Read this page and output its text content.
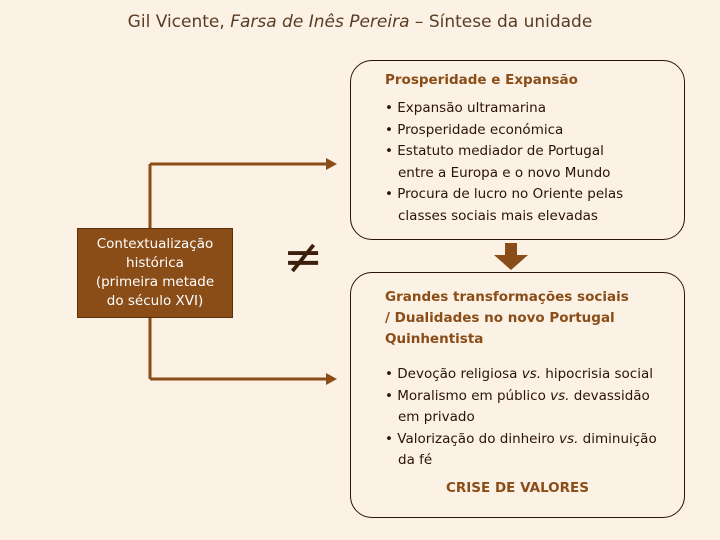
Gil Vicente, Farsa de Inês Pereira – Síntese da unidade
Contextualização
histórica
(primeira metade
do século XVI)
≠
Prosperidade e Expansão
• Expansão ultramarina
• Prosperidade económica
• Estatuto mediador de Portugal
entre a Europa e o novo Mundo
• Procura de lucro no Oriente pelas
classes sociais mais elevadas
Grandes transformações sociais
/ Dualidades no novo Portugal
Quinhentista
• Devoção religiosa vs. hipocrisia social
• Moralismo em público vs. devassidão
em privado
• Valorização do dinheiro vs. diminuição
da fé
CRISE DE VALORES
